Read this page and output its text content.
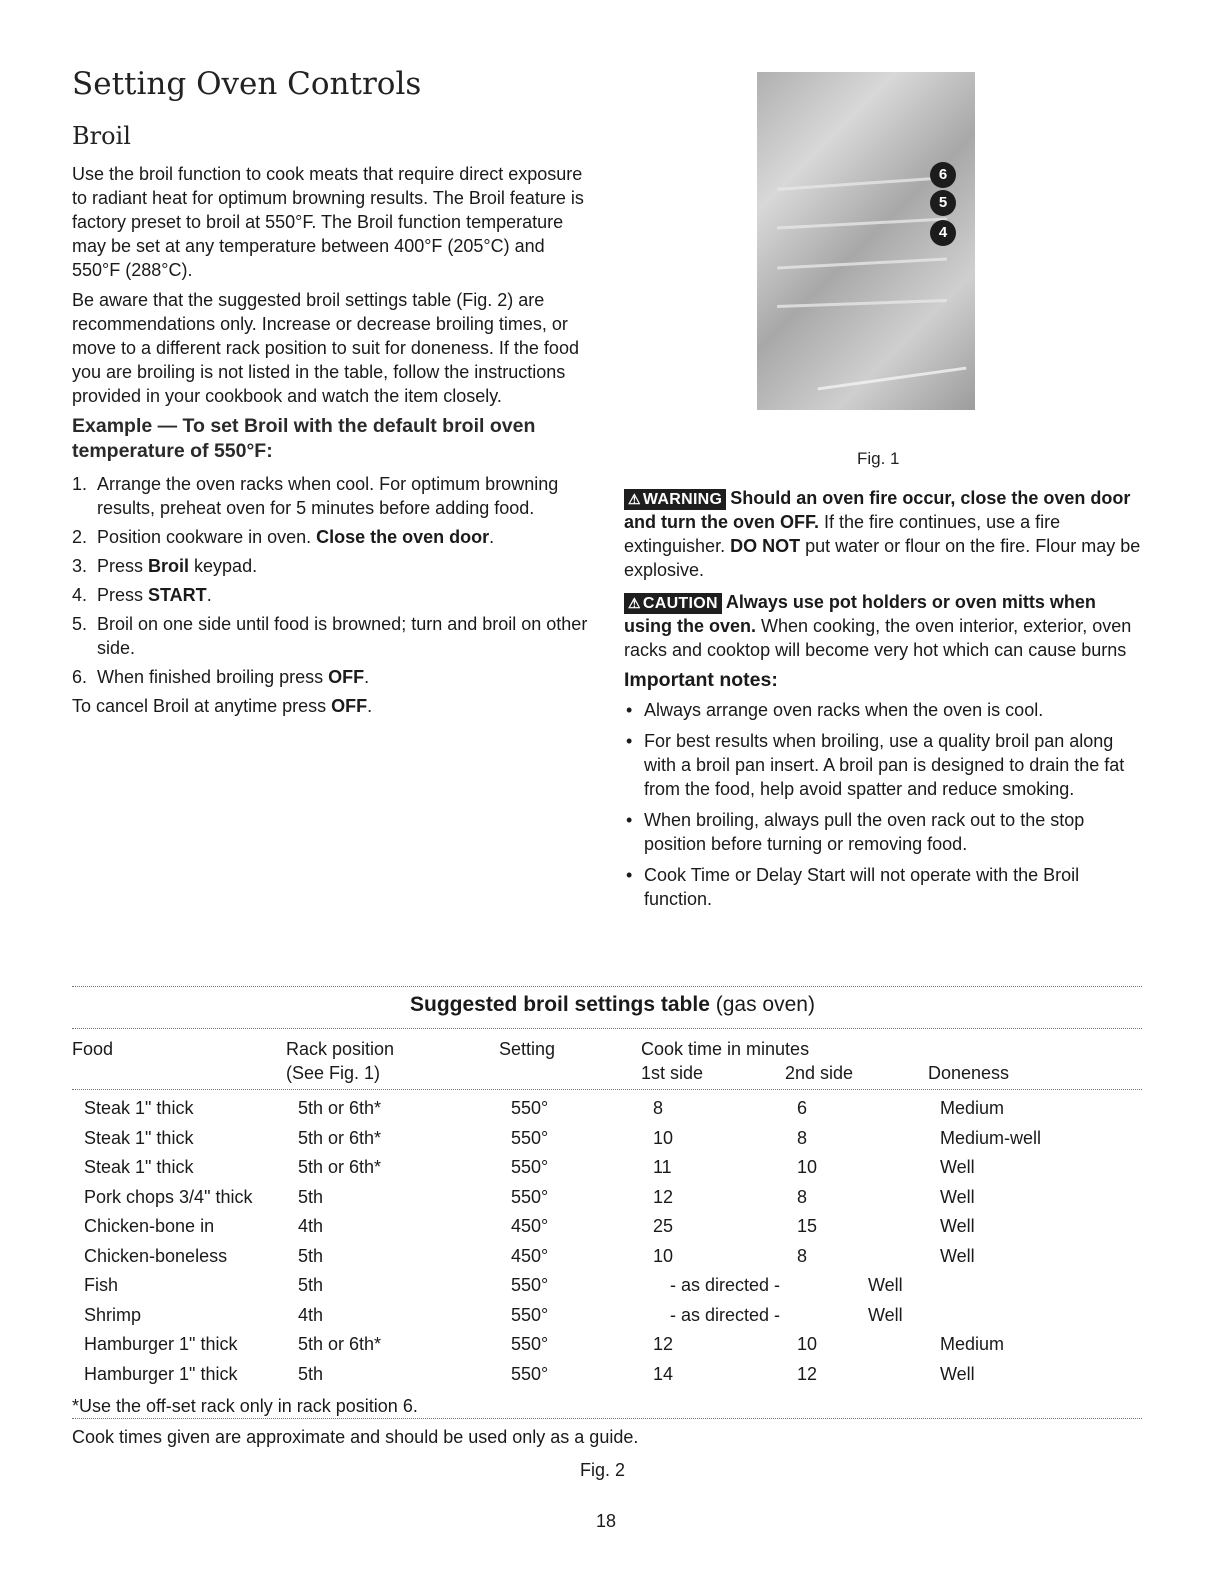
Setting Oven Controls
Broil

Use the broil function to cook meats that require direct exposure to radiant heat for optimum browning results. The Broil feature is factory preset to broil at 550°F. The Broil function temperature may be set at any temperature between 400°F (205°C) and 550°F (288°C).

Be aware that the suggested broil settings table (Fig. 2) are recommendations only. Increase or decrease broiling times, or move to a different rack position to suit for doneness. If the food you are broiling is not listed in the table, follow the instructions provided in your cookbook and watch the item closely.

Example — To set Broil with the default broil oven temperature of 550°F:
1. Arrange the oven racks when cool. For optimum browning results, preheat oven for 5 minutes before adding food.
2. Position cookware in oven. Close the oven door.
3. Press Broil keypad.
4. Press START.
5. Broil on one side until food is browned; turn and broil on other side.
6. When finished broiling press OFF.
To cancel Broil at anytime press OFF.
6
5
4
Fig. 1

⚠ WARNING Should an oven fire occur, close the oven door and turn the oven OFF. If the fire continues, use a fire extinguisher. DO NOT put water or flour on the fire. Flour may be explosive.

⚠ CAUTION Always use pot holders or oven mitts when using the oven. When cooking, the oven interior, exterior, oven racks and cooktop will become very hot which can cause burns

Important notes:
• Always arrange oven racks when the oven is cool.
• For best results when broiling, use a quality broil pan along with a broil pan insert. A broil pan is designed to drain the fat from the food, help avoid spatter and reduce smoking.
• When broiling, always pull the oven rack out to the stop position before turning or removing food.
• Cook Time or Delay Start will not operate with the Broil function.
Suggested broil settings table (gas oven)
Food	Rack position
(See Fig. 1)
Setting	Cook time in minutes
1st side	2nd side	Doneness
Steak 1" thick	5th or 6th*	550°	8	6	Medium
Steak 1" thick	5th or 6th*	550°	10	8	Medium-well
Steak 1" thick	5th or 6th*	550°	11	10	Well
Pork chops 3/4" thick	5th	550°	12	8	Well
Chicken-bone in	4th	450°	25	15	Well
Chicken-boneless	5th	450°	10	8	Well
Fish	5th	550°	- as directed -	Well
Shrimp	4th	550°	- as directed -	Well
Hamburger 1" thick	5th or 6th*	550°	12	10	Medium
Hamburger 1" thick	5th	550°	14	12	Well
*Use the off-set rack only in rack position 6.
Cook times given are approximate and should be used only as a guide.
Fig. 2
18
